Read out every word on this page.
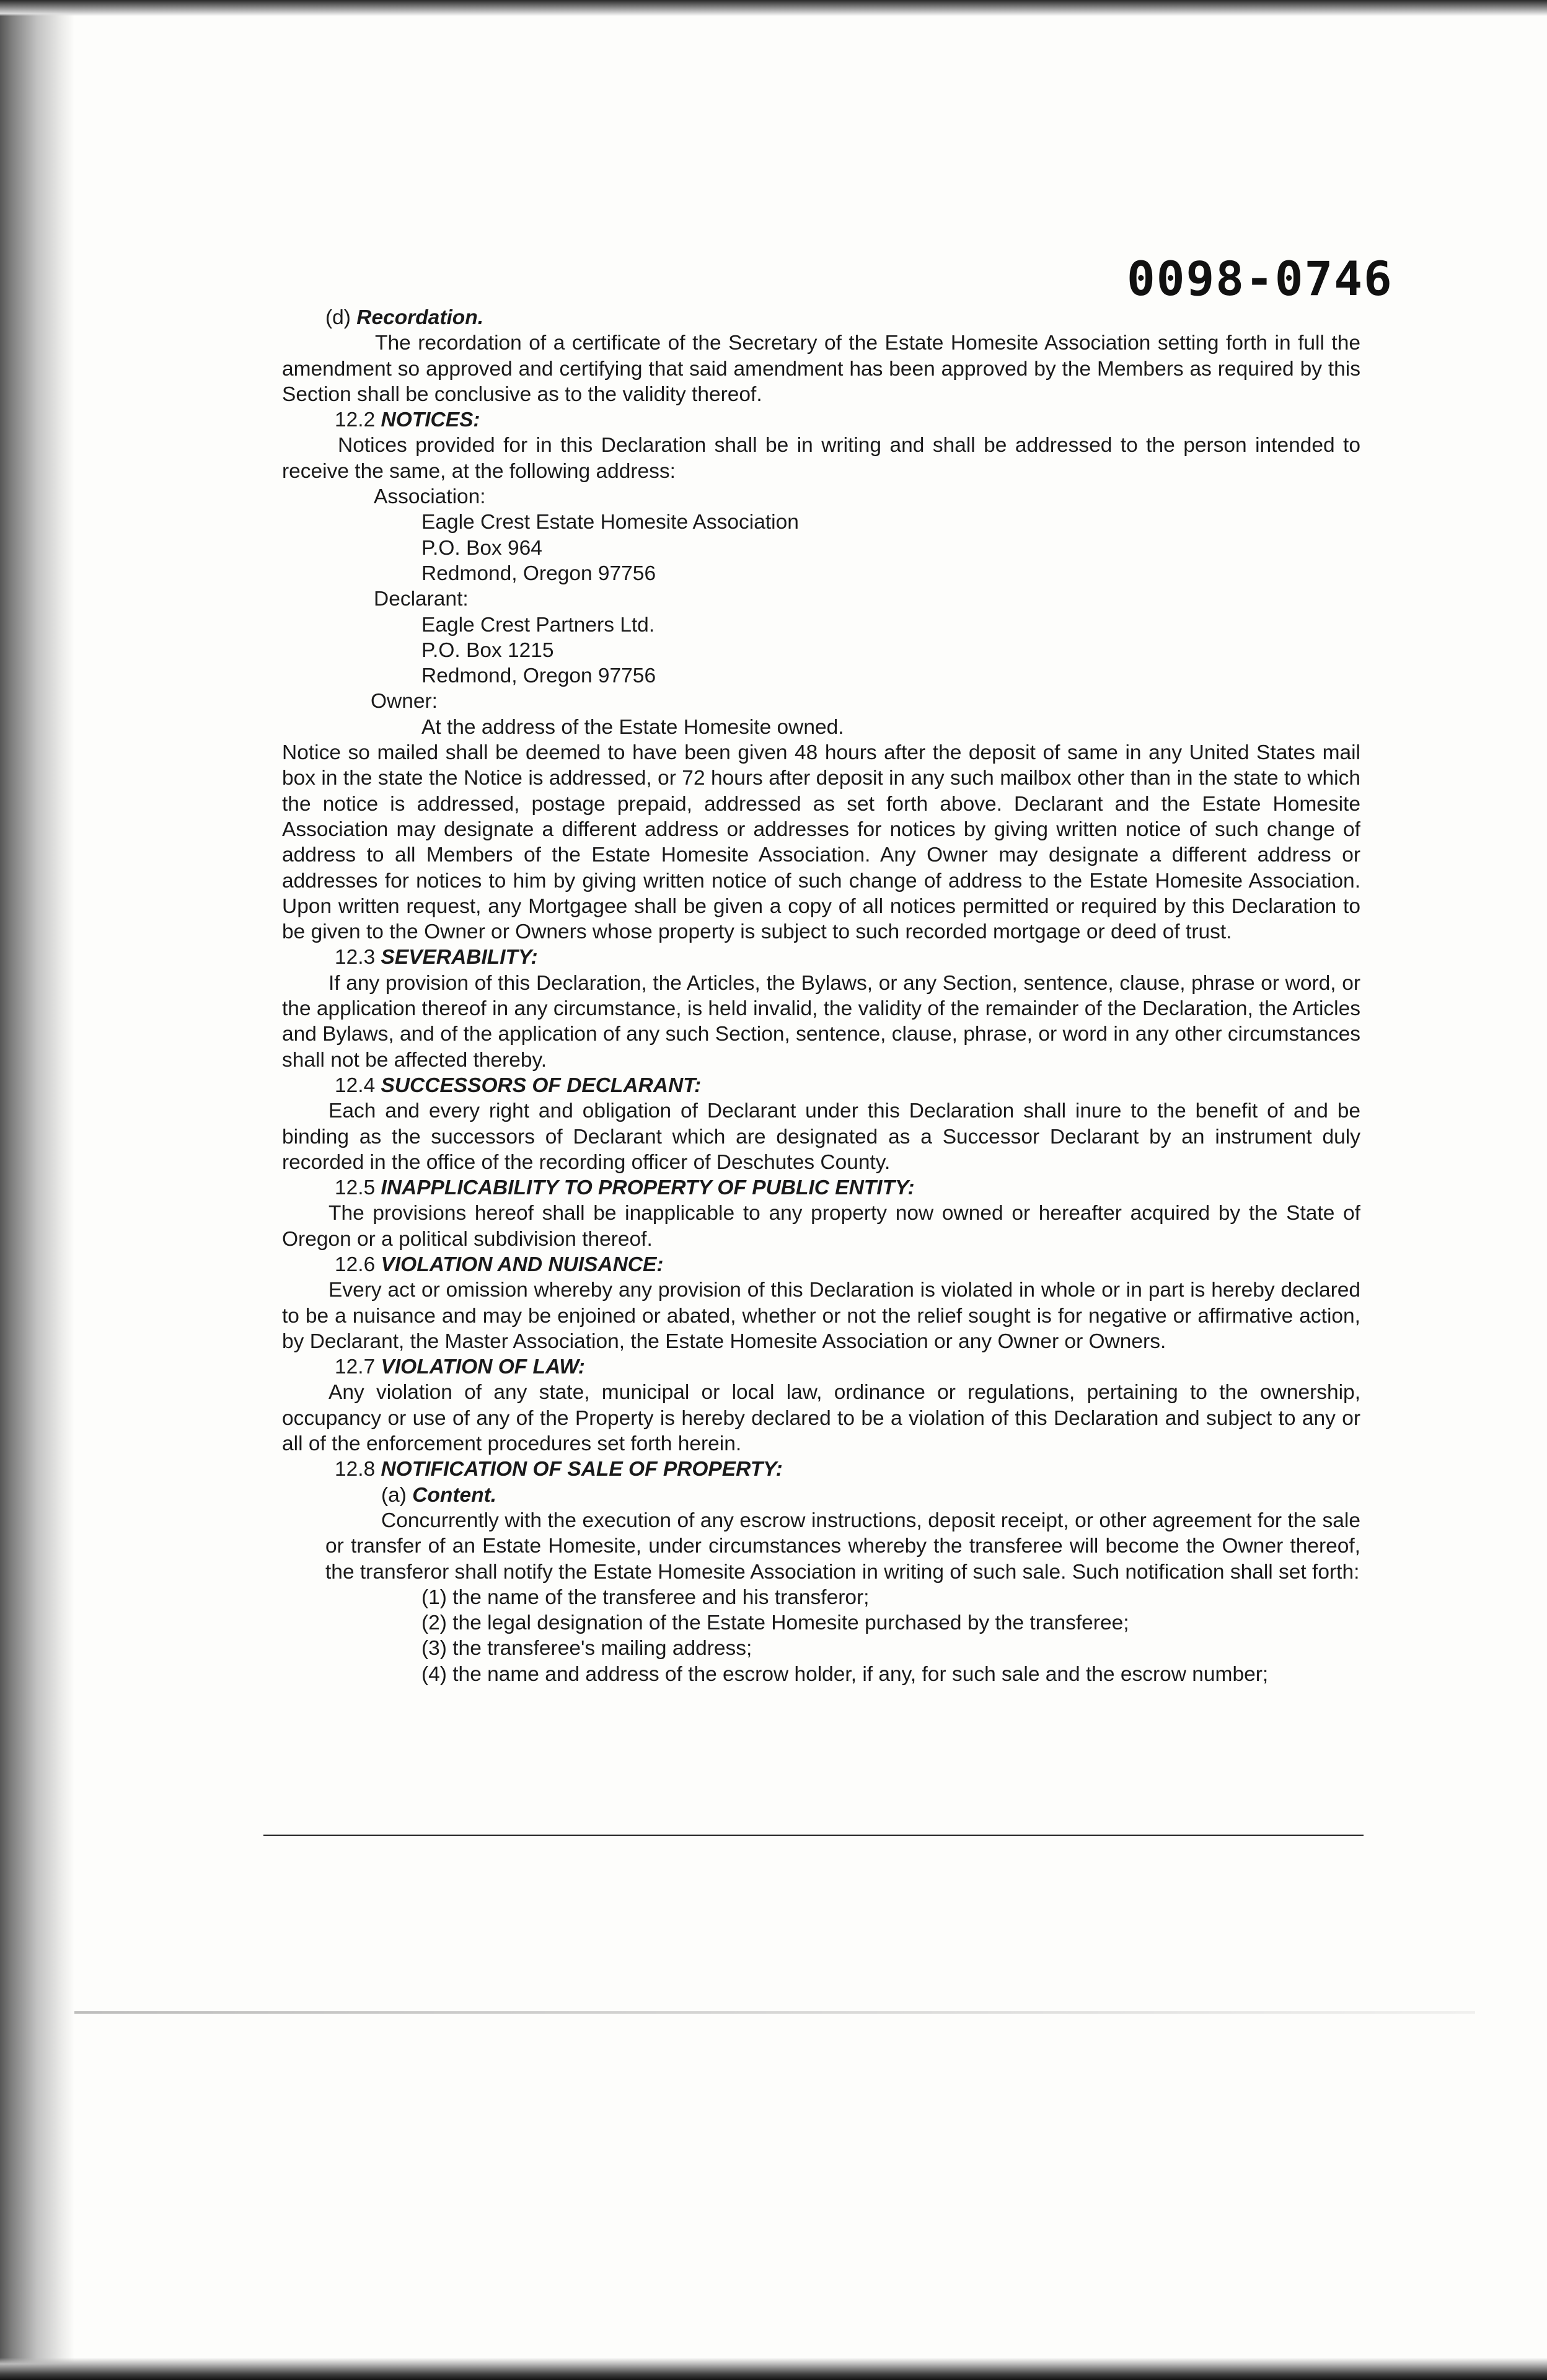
0098-0746

(d) Recordation.

The recordation of a certificate of the Secretary of the Estate Homesite Association setting forth in full the amendment so approved and certifying that said amendment has been approved by the Members as required by this Section shall be conclusive as to the validity thereof.

12.2 NOTICES:

Notices provided for in this Declaration shall be in writing and shall be addressed to the person intended to receive the same, at the following address:

Association:

Eagle Crest Estate Homesite Association

P.O. Box 964

Redmond, Oregon 97756

Declarant:

Eagle Crest Partners Ltd.

P.O. Box 1215

Redmond, Oregon 97756

Owner:

At the address of the Estate Homesite owned.

Notice so mailed shall be deemed to have been given 48 hours after the deposit of same in any United States mail box in the state the Notice is addressed, or 72 hours after deposit in any such mailbox other than in the state to which the notice is addressed, postage prepaid, addressed as set forth above. Declarant and the Estate Homesite Association may designate a different address or addresses for notices by giving written notice of such change of address to all Members of the Estate Homesite Association. Any Owner may designate a different address or addresses for notices to him by giving written notice of such change of address to the Estate Homesite Association. Upon written request, any Mortgagee shall be given a copy of all notices permitted or required by this Declaration to be given to the Owner or Owners whose property is subject to such recorded mortgage or deed of trust.

12.3 SEVERABILITY:

If any provision of this Declaration, the Articles, the Bylaws, or any Section, sentence, clause, phrase or word, or the application thereof in any circumstance, is held invalid, the validity of the remainder of the Declaration, the Articles and Bylaws, and of the application of any such Section, sentence, clause, phrase, or word in any other circumstances shall not be affected thereby.

12.4 SUCCESSORS OF DECLARANT:

Each and every right and obligation of Declarant under this Declaration shall inure to the benefit of and be binding as the successors of Declarant which are designated as a Successor Declarant by an instrument duly recorded in the office of the recording officer of Deschutes County.

12.5 INAPPLICABILITY TO PROPERTY OF PUBLIC ENTITY:

The provisions hereof shall be inapplicable to any property now owned or hereafter acquired by the State of Oregon or a political subdivision thereof.

12.6 VIOLATION AND NUISANCE:

Every act or omission whereby any provision of this Declaration is violated in whole or in part is hereby declared to be a nuisance and may be enjoined or abated, whether or not the relief sought is for negative or affirmative action, by Declarant, the Master Association, the Estate Homesite Association or any Owner or Owners.

12.7 VIOLATION OF LAW:

Any violation of any state, municipal or local law, ordinance or regulations, pertaining to the ownership, occupancy or use of any of the Property is hereby declared to be a violation of this Declaration and subject to any or all of the enforcement procedures set forth herein.

12.8 NOTIFICATION OF SALE OF PROPERTY:

(a) Content.

Concurrently with the execution of any escrow instructions, deposit receipt, or other agreement for the sale or transfer of an Estate Homesite, under circumstances whereby the transferee will become the Owner thereof, the transferor shall notify the Estate Homesite Association in writing of such sale. Such notification shall set forth:

(1) the name of the transferee and his transferor;

(2) the legal designation of the Estate Homesite purchased by the transferee;

(3) the transferee's mailing address;

(4) the name and address of the escrow holder, if any, for such sale and the escrow number;
